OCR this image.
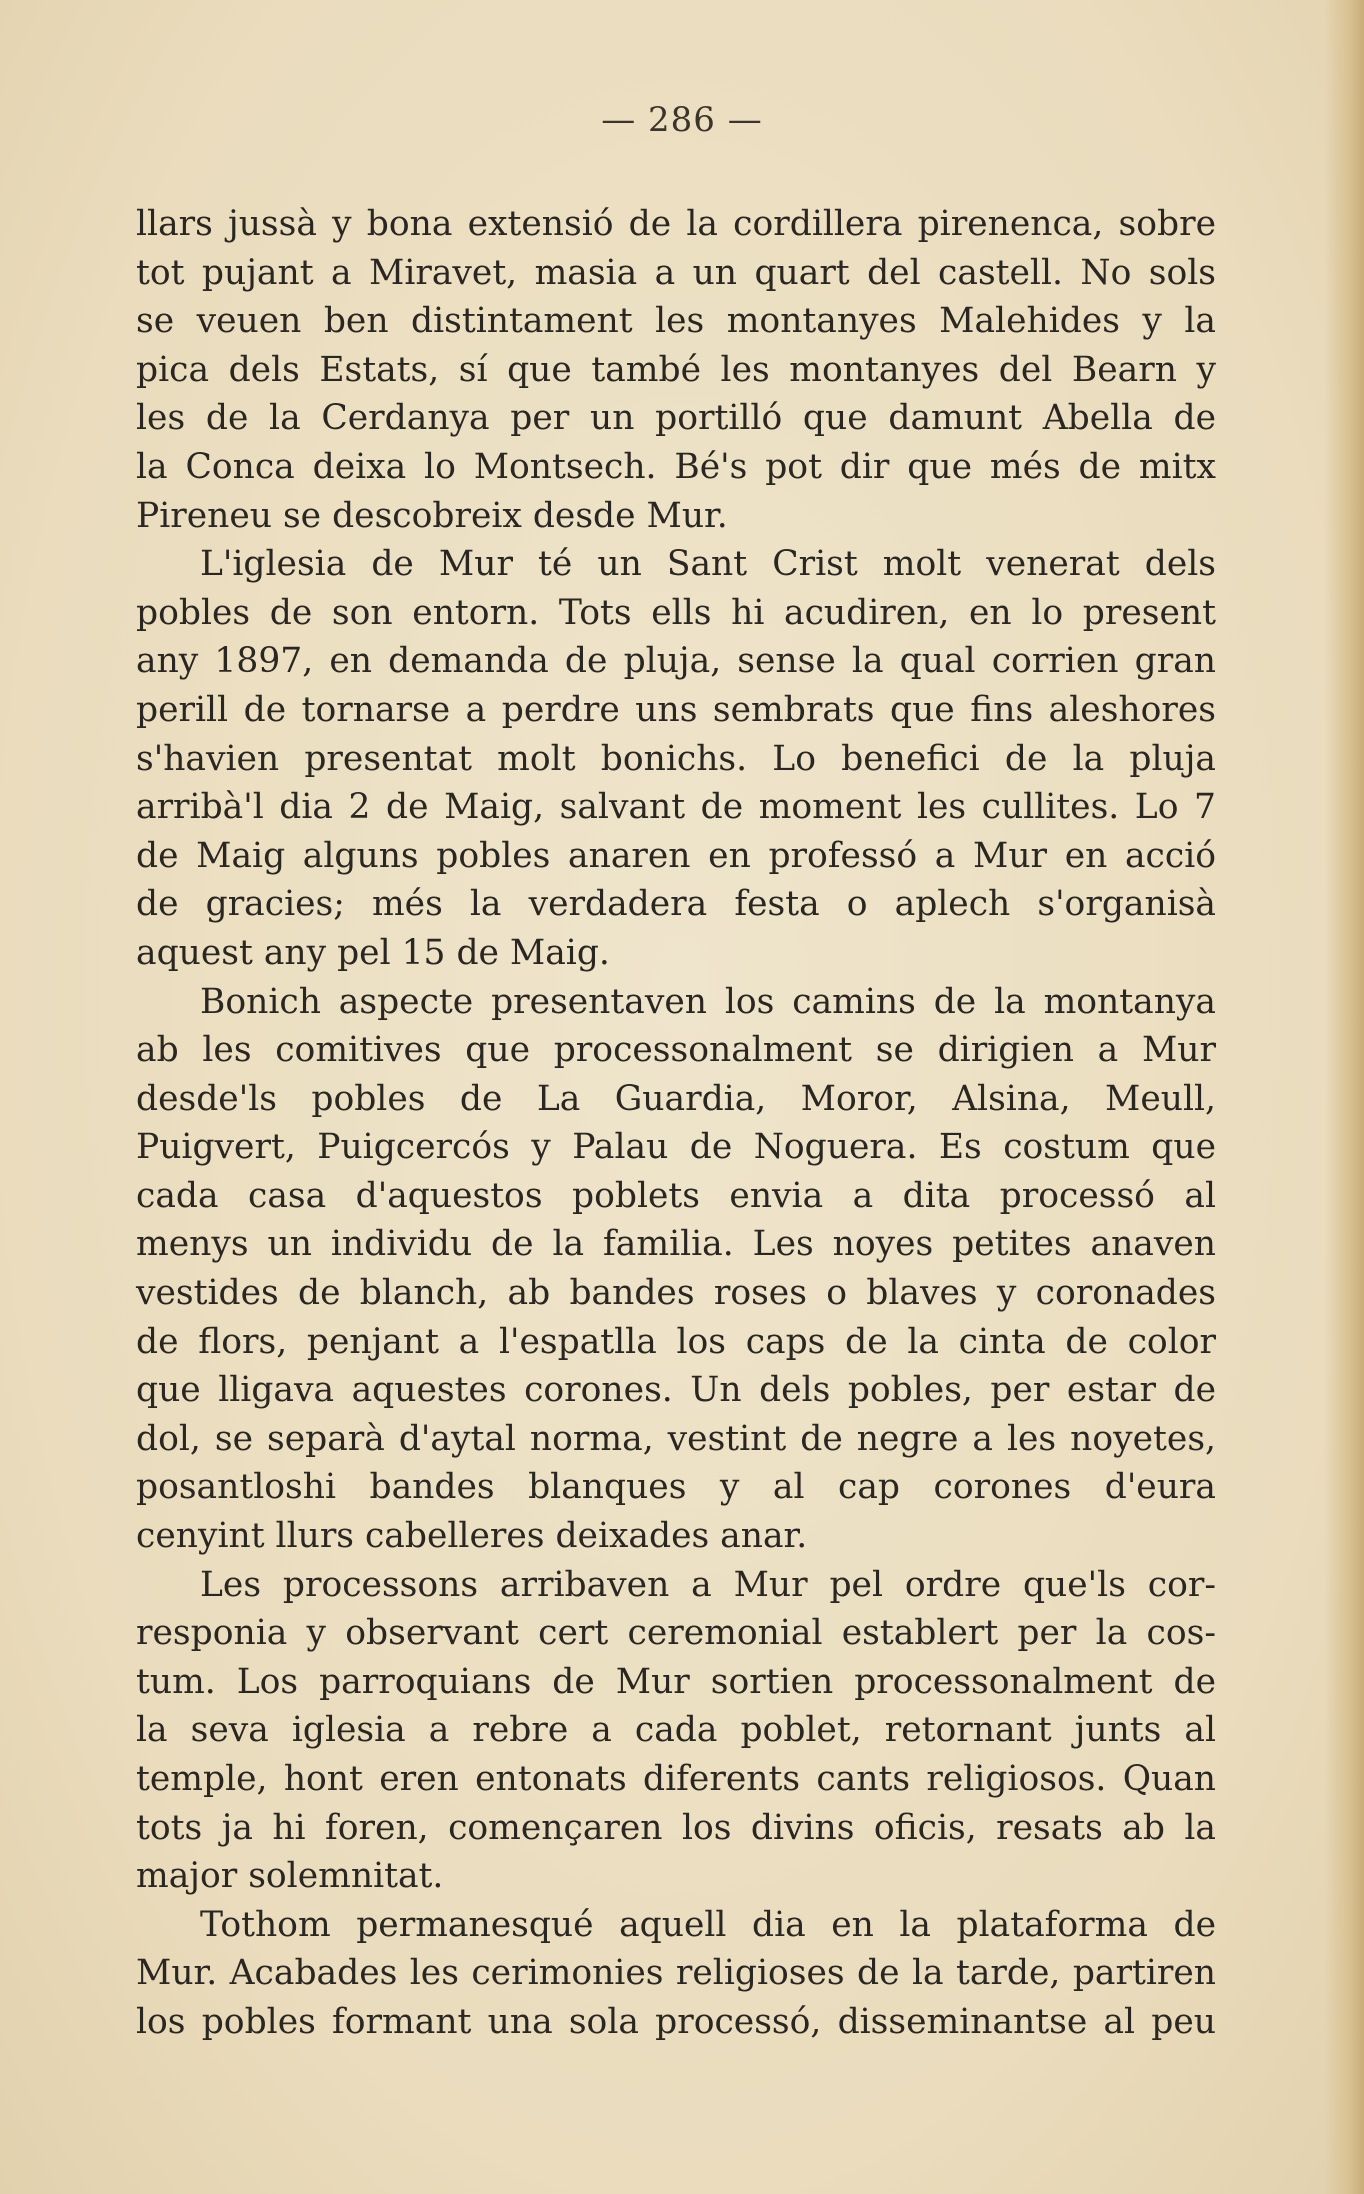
— 286 —
llars jussà y bona extensió de la cordillera pirenenca, sobre
tot pujant a Miravet, masia a un quart del castell. No sols
se veuen ben distintament les montanyes Malehides y la
pica dels Estats, sí que també les montanyes del Bearn y
les de la Cerdanya per un portilló que damunt Abella de
la Conca deixa lo Montsech. Bé's pot dir que més de mitx
Pireneu se descobreix desde Mur.
L'iglesia de Mur té un Sant Crist molt venerat dels
pobles de son entorn. Tots ells hi acudiren, en lo present
any 1897, en demanda de pluja, sense la qual corrien gran
perill de tornarse a perdre uns sembrats que fins aleshores
s'havien presentat molt bonichs. Lo benefici de la pluja
arribà'l dia 2 de Maig, salvant de moment les cullites. Lo 7
de Maig alguns pobles anaren en professó a Mur en acció
de gracies; més la verdadera festa o aplech s'organisà
aquest any pel 15 de Maig.
Bonich aspecte presentaven los camins de la montanya
ab les comitives que processonalment se dirigien a Mur
desde'ls pobles de La Guardia, Moror, Alsina, Meull,
Puigvert, Puigcercós y Palau de Noguera. Es costum que
cada casa d'aquestos poblets envia a dita processó al
menys un individu de la familia. Les noyes petites anaven
vestides de blanch, ab bandes roses o blaves y coronades
de flors, penjant a l'espatlla los caps de la cinta de color
que lligava aquestes corones. Un dels pobles, per estar de
dol, se separà d'aytal norma, vestint de negre a les noyetes,
posantloshi bandes blanques y al cap corones d'eura
cenyint llurs cabelleres deixades anar.
Les processons arribaven a Mur pel ordre que'ls cor-
responia y observant cert ceremonial establert per la cos-
tum. Los parroquians de Mur sortien processonalment de
la seva iglesia a rebre a cada poblet, retornant junts al
temple, hont eren entonats diferents cants religiosos. Quan
tots ja hi foren, començaren los divins oficis, resats ab la
major solemnitat.
Tothom permanesqué aquell dia en la plataforma de
Mur. Acabades les cerimonies religioses de la tarde, partiren
los pobles formant una sola processó, disseminantse al peu
